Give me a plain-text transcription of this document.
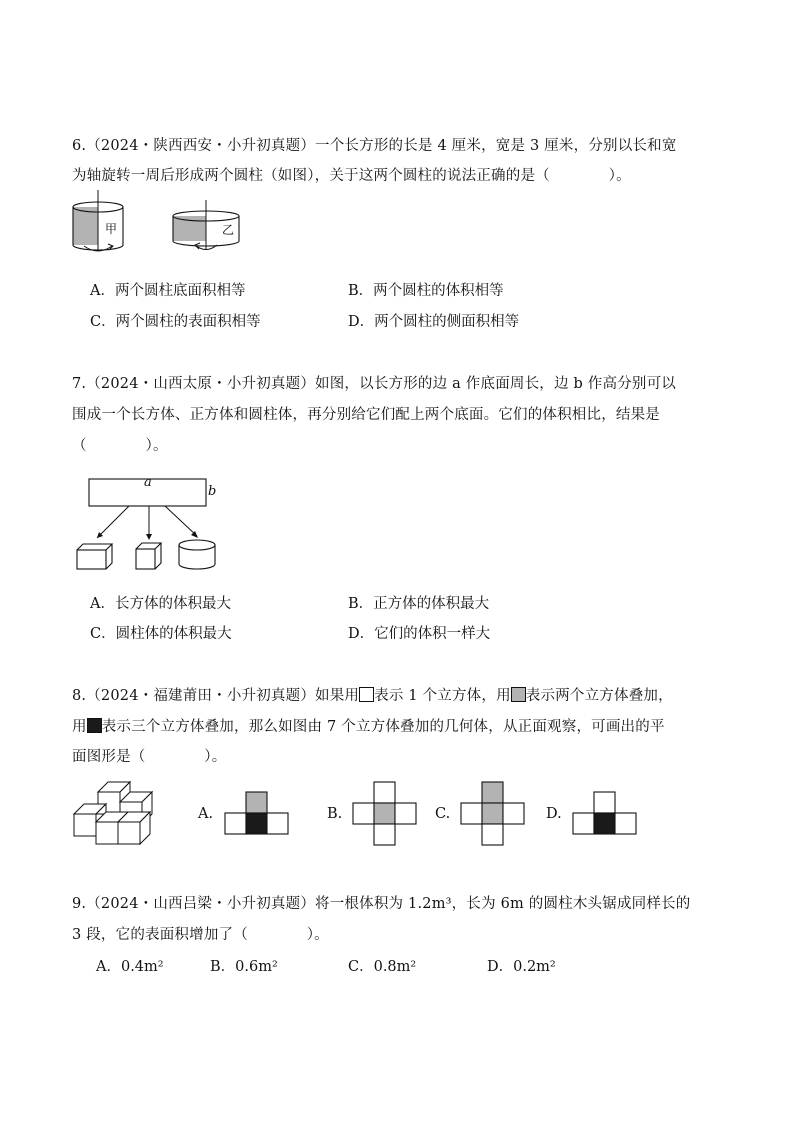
6.（2024・陕西西安・小升初真题）一个长方形的长是 4 厘米，宽是 3 厘米，分别以长和宽
为轴旋转一周后形成两个圆柱（如图），关于这两个圆柱的说法正确的是（　　　　）。
甲	乙
A．两个圆柱底面积相等	B．两个圆柱的体积相等
C．两个圆柱的表面积相等	D．两个圆柱的侧面积相等
7.（2024・山西太原・小升初真题）如图，以长方形的边 a 作底面周长，边 b 作高分别可以
围成一个长方体、正方体和圆柱体，再分别给它们配上两个底面。它们的体积相比，结果是
（　　　　）。
a
b
A．长方体的体积最大	B．正方体的体积最大
C．圆柱体的体积最大	D．它们的体积一样大
8.（2024・福建莆田・小升初真题）如果用 表示 1 个立方体，用 表示两个立方体叠加，
用 表示三个立方体叠加，那么如图由 7 个立方体叠加的几何体，从正面观察，可画出的平
面图形是（　　　　）。
A.	B.	C.	D.
9.（2024・山西吕梁・小升初真题）将一根体积为 1.2m³，长为 6m 的圆柱木头锯成同样长的
3 段，它的表面积增加了（　　　　）。
A．0.4m²	B．0.6m²	C．0.8m²	D．0.2m²
